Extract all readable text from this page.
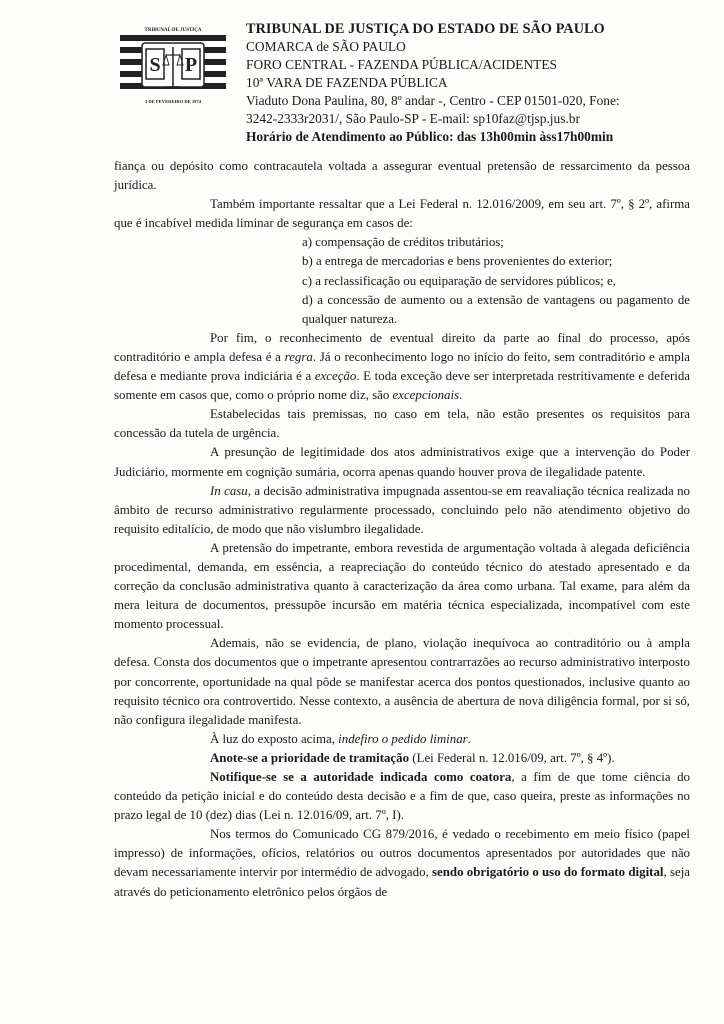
TRIBUNAL DE JUSTIÇA
S P
3 DE FEVEREIRO DE 1874
TRIBUNAL DE JUSTIÇA DO ESTADO DE SÃO PAULO
COMARCA de SÃO PAULO
FORO CENTRAL - FAZENDA PÚBLICA/ACIDENTES
10ª VARA DE FAZENDA PÚBLICA
Viaduto Dona Paulina, 80, 8º andar -, Centro - CEP 01501-020, Fone:
3242-2333r2031/, São Paulo-SP - E-mail: sp10faz@tjsp.jus.br
Horário de Atendimento ao Público: das 13h00min àss17h00min

fiança ou depósito como contracautela voltada a assegurar eventual pretensão de ressarcimento da pessoa jurídica.

Também importante ressaltar que a Lei Federal n. 12.016/2009, em seu art. 7º, § 2º, afirma que é incabível medida liminar de segurança em casos de:

a) compensação de créditos tributários;

b) a entrega de mercadorias e bens provenientes do exterior;

c) a reclassificação ou equiparação de servidores públicos; e,

d) a concessão de aumento ou a extensão de vantagens ou pagamento de qualquer natureza.

Por fim, o reconhecimento de eventual direito da parte ao final do processo, após contraditório e ampla defesa é a regra. Já o reconhecimento logo no início do feito, sem contraditório e ampla defesa e mediante prova indiciária é a exceção. E toda exceção deve ser interpretada restritivamente e deferida somente em casos que, como o próprio nome diz, são excepcionais.

Estabelecidas tais premissas, no caso em tela, não estão presentes os requisitos para concessão da tutela de urgência.

A presunção de legitimidade dos atos administrativos exige que a intervenção do Poder Judiciário, mormente em cognição sumária, ocorra apenas quando houver prova de ilegalidade patente.

In casu, a decisão administrativa impugnada assentou-se em reavaliação técnica realizada no âmbito de recurso administrativo regularmente processado, concluindo pelo não atendimento objetivo do requisito editalício, de modo que não vislumbro ilegalidade.

A pretensão do impetrante, embora revestida de argumentação voltada à alegada deficiência procedimental, demanda, em essência, a reapreciação do conteúdo técnico do atestado apresentado e da correção da conclusão administrativa quanto à caracterização da área como urbana. Tal exame, para além da mera leitura de documentos, pressupõe incursão em matéria técnica especializada, incompatível com este momento processual.

Ademais, não se evidencia, de plano, violação inequívoca ao contraditório ou à ampla defesa. Consta dos documentos que o impetrante apresentou contrarrazões ao recurso administrativo interposto por concorrente, oportunidade na qual pôde se manifestar acerca dos pontos questionados, inclusive quanto ao requisito técnico ora controvertido. Nesse contexto, a ausência de abertura de nova diligência formal, por si só, não configura ilegalidade manifesta.

À luz do exposto acima, indefiro o pedido liminar.

Anote-se a prioridade de tramitação (Lei Federal n. 12.016/09, art. 7º, § 4º).

Notifique-se se a autoridade indicada como coatora, a fim de que tome ciência do conteúdo da petição inicial e do conteúdo desta decisão e a fim de que, caso queira, preste as informações no prazo legal de 10 (dez) dias (Lei n. 12.016/09, art. 7º, I).

Nos termos do Comunicado CG 879/2016, é vedado o recebimento em meio físico (papel impresso) de informações, ofícios, relatórios ou outros documentos apresentados por autoridades que não devam necessariamente intervir por intermédio de advogado, sendo obrigatório o uso do formato digital, seja através do peticionamento eletrônico pelos órgãos de
